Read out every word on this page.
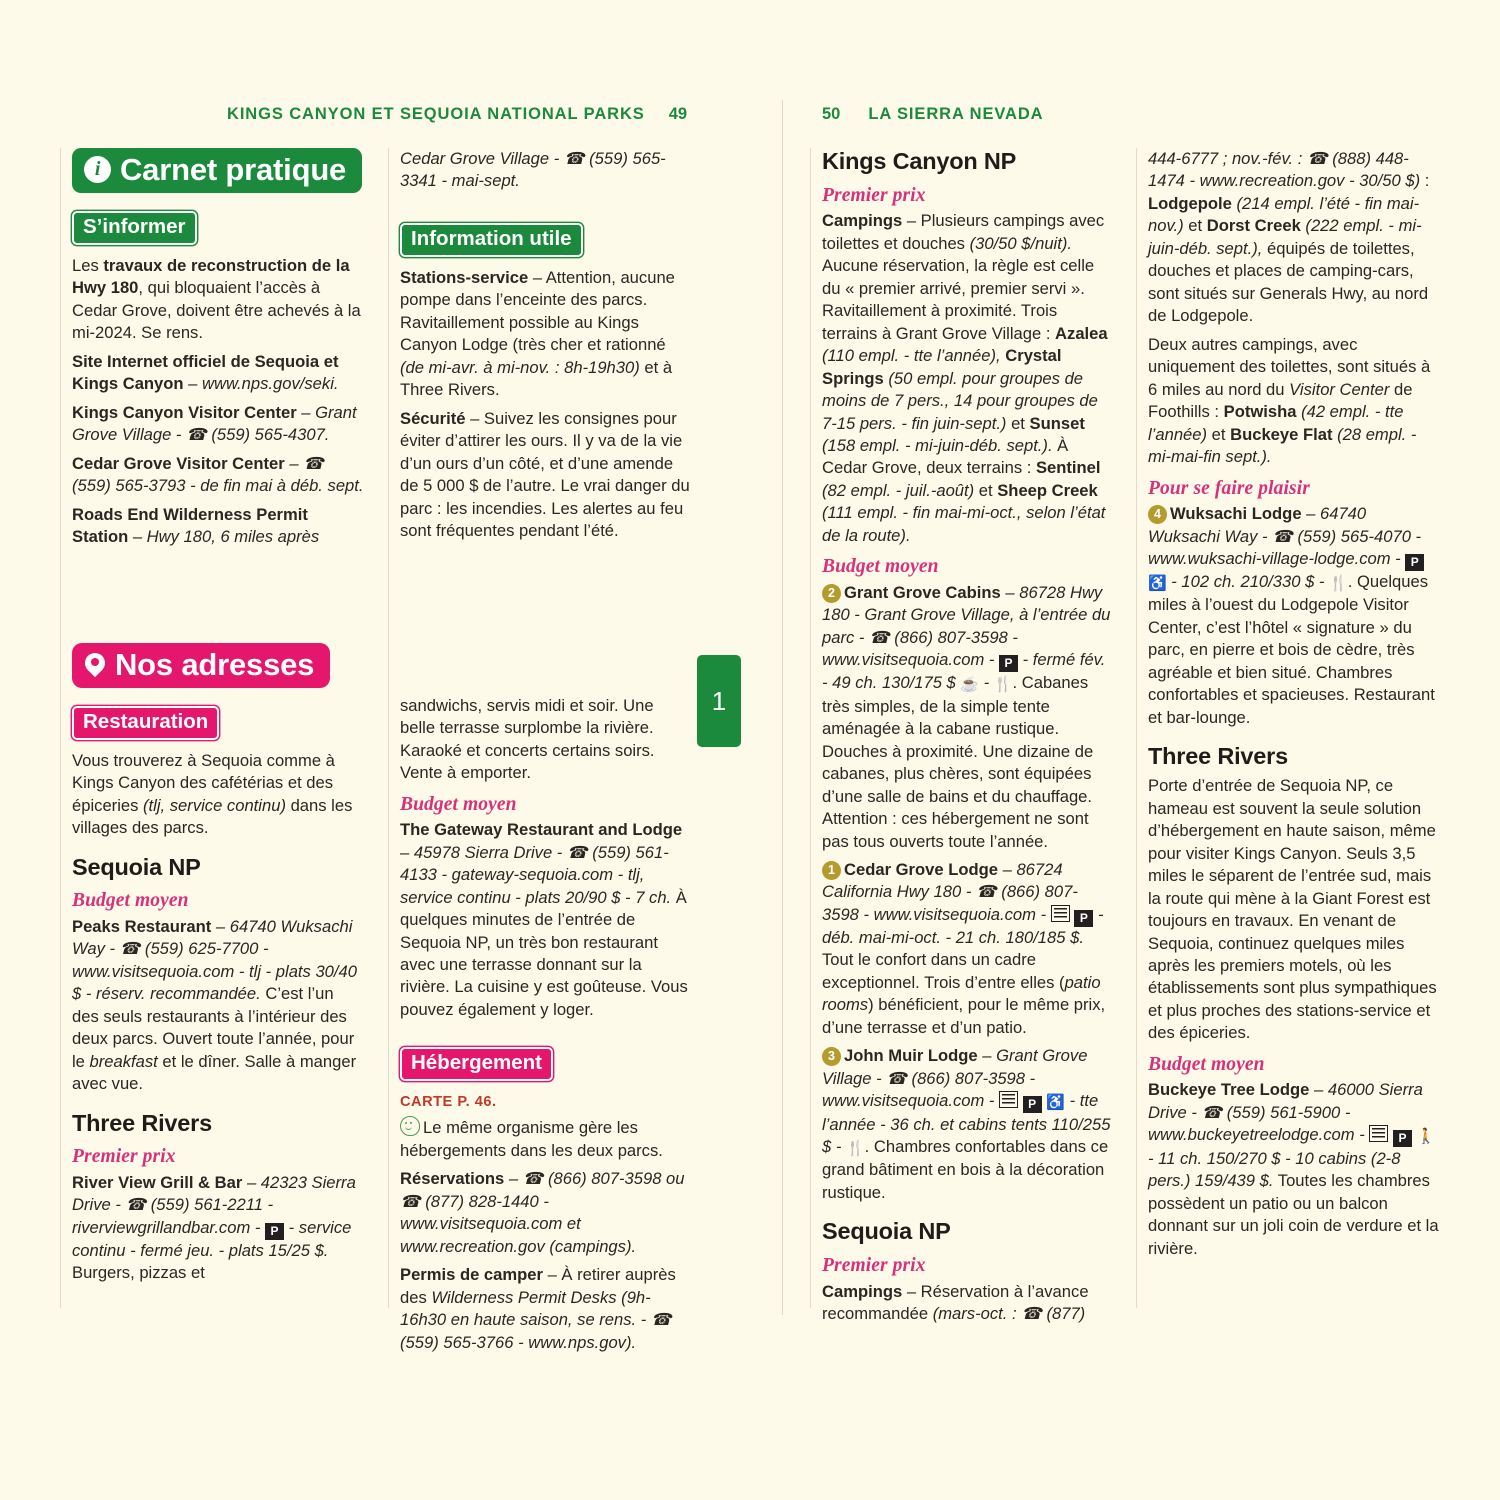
KINGS CANYON ET SEQUOIA NATIONAL PARKS 49	50 LA SIERRA NEVADA
1
i Carnet pratique
S’informer

Les travaux de reconstruction de la Hwy 180, qui bloquaient l’accès à Cedar Grove, doivent être achevés à la mi-2024. Se rens.

Site Internet officiel de Sequoia et Kings Canyon – www.nps.gov/seki.

Kings Canyon Visitor Center – Grant Grove Village - ☎ (559) 565-4307.

Cedar Grove Visitor Center – ☎ (559) 565-3793 - de fin mai à déb. sept.

Roads End Wilderness Permit Station – Hwy 180, 6 miles après

Nos adresses
Restauration

Vous trouverez à Sequoia comme à Kings Canyon des cafétérias et des épiceries (tlj, service continu) dans les villages des parcs.

Sequoia NP
Budget moyen

Peaks Restaurant – 64740 Wuksachi Way - ☎ (559) 625-7700 - www.visitsequoia.com - tlj - plats 30/40 $ - réserv. recommandée. C’est l’un des seuls restaurants à l’intérieur des deux parcs. Ouvert toute l’année, pour le breakfast et le dîner. Salle à manger avec vue.

Three Rivers
Premier prix

River View Grill & Bar – 42323 Sierra Drive - ☎ (559) 561-2211 - riverviewgrillandbar.com - P - service continu - fermé jeu. - plats 15/25 $. Burgers, pizzas et

Cedar Grove Village - ☎ (559) 565-3341 - mai-sept.

Information utile

Stations-service – Attention, aucune pompe dans l’enceinte des parcs. Ravitaillement possible au Kings Canyon Lodge (très cher et rationné (de mi-avr. à mi-nov. : 8h-19h30) et à Three Rivers.

Sécurité – Suivez les consignes pour éviter d’attirer les ours. Il y va de la vie d’un ours d’un côté, et d’une amende de 5 000 $ de l’autre. Le vrai danger du parc : les incendies. Les alertes au feu sont fréquentes pendant l’été.

sandwichs, servis midi et soir. Une belle terrasse surplombe la rivière. Karaoké et concerts certains soirs. Vente à emporter.

Budget moyen

The Gateway Restaurant and Lodge – 45978 Sierra Drive - ☎ (559) 561-4133 - gateway-sequoia.com - tlj, service continu - plats 20/90 $ - 7 ch. À quelques minutes de l’entrée de Sequoia NP, un très bon restaurant avec une terrasse donnant sur la rivière. La cuisine y est goûteuse. Vous pouvez également y loger.

Hébergement
CARTE P. 46.

Le même organisme gère les hébergements dans les deux parcs.

Réservations – ☎ (866) 807-3598 ou ☎ (877) 828-1440 - www.visitsequoia.com et www.recreation.gov (campings).

Permis de camper – À retirer auprès des Wilderness Permit Desks (9h-16h30 en haute saison, se rens. - ☎ (559) 565-3766 - www.nps.gov).

Kings Canyon NP
Premier prix

Campings – Plusieurs campings avec toilettes et douches (30/50 $/nuit). Aucune réservation, la règle est celle du « premier arrivé, premier servi ». Ravitaillement à proximité. Trois terrains à Grant Grove Village : Azalea (110 empl. - tte l’année), Crystal Springs (50 empl. pour groupes de moins de 7 pers., 14 pour groupes de 7-15 pers. - fin juin-sept.) et Sunset (158 empl. - mi-juin-déb. sept.). À Cedar Grove, deux terrains : Sentinel (82 empl. - juil.-août) et Sheep Creek (111 empl. - fin mai-mi-oct., selon l’état de la route).

Budget moyen

2 Grant Grove Cabins – 86728 Hwy 180 - Grant Grove Village, à l’entrée du parc - ☎ (866) 807-3598 - www.visitsequoia.com - P - fermé fév. - 49 ch. 130/175 $ ☕ - 🍴. Cabanes très simples, de la simple tente aménagée à la cabane rustique. Douches à proximité. Une dizaine de cabanes, plus chères, sont équipées d’une salle de bains et du chauffage. Attention : ces hébergement ne sont pas tous ouverts toute l’année.

1 Cedar Grove Lodge – 86724 California Hwy 180 - ☎ (866) 807-3598 - www.visitsequoia.com -  P - déb. mai-mi-oct. - 21 ch. 180/185 $. Tout le confort dans un cadre exceptionnel. Trois d’entre elles (patio rooms) bénéficient, pour le même prix, d’une terrasse et d’un patio.

3 John Muir Lodge – Grant Grove Village - ☎ (866) 807-3598 - www.visitsequoia.com -  P ♿ - tte l’année - 36 ch. et cabins tents 110/255 $ - 🍴. Chambres confortables dans ce grand bâtiment en bois à la décoration rustique.

Sequoia NP
Premier prix

Campings – Réservation à l’avance recommandée (mars-oct. : ☎ (877)

444-6777 ; nov.-fév. : ☎ (888) 448-1474 - www.recreation.gov - 30/50 $) : Lodgepole (214 empl. l’été - fin mai-nov.) et Dorst Creek (222 empl. - mi-juin-déb. sept.), équipés de toilettes, douches et places de camping-cars, sont situés sur Generals Hwy, au nord de Lodgepole.

Deux autres campings, avec uniquement des toilettes, sont situés à 6 miles au nord du Visitor Center de Foothills : Potwisha (42 empl. - tte l’année) et Buckeye Flat (28 empl. - mi-mai-fin sept.).

Pour se faire plaisir

4 Wuksachi Lodge – 64740 Wuksachi Way - ☎ (559) 565-4070 - www.wuksachi-village-lodge.com - P ♿ - 102 ch. 210/330 $ - 🍴. Quelques miles à l’ouest du Lodgepole Visitor Center, c’est l’hôtel « signature » du parc, en pierre et bois de cèdre, très agréable et bien situé. Chambres confortables et spacieuses. Restaurant et bar-lounge.

Three Rivers

Porte d’entrée de Sequoia NP, ce hameau est souvent la seule solution d’hébergement en haute saison, même pour visiter Kings Canyon. Seuls 3,5 miles le séparent de l’entrée sud, mais la route qui mène à la Giant Forest est toujours en travaux. En venant de Sequoia, continuez quelques miles après les premiers motels, où les établissements sont plus sympathiques et plus proches des stations-service et des épiceries.

Budget moyen

Buckeye Tree Lodge – 46000 Sierra Drive - ☎ (559) 561-5900 - www.buckeyetreelodge.com -  P 🚶 - 11 ch. 150/270 $ - 10 cabins (2-8 pers.) 159/439 $. Toutes les chambres possèdent un patio ou un balcon donnant sur un joli coin de verdure et la rivière.
